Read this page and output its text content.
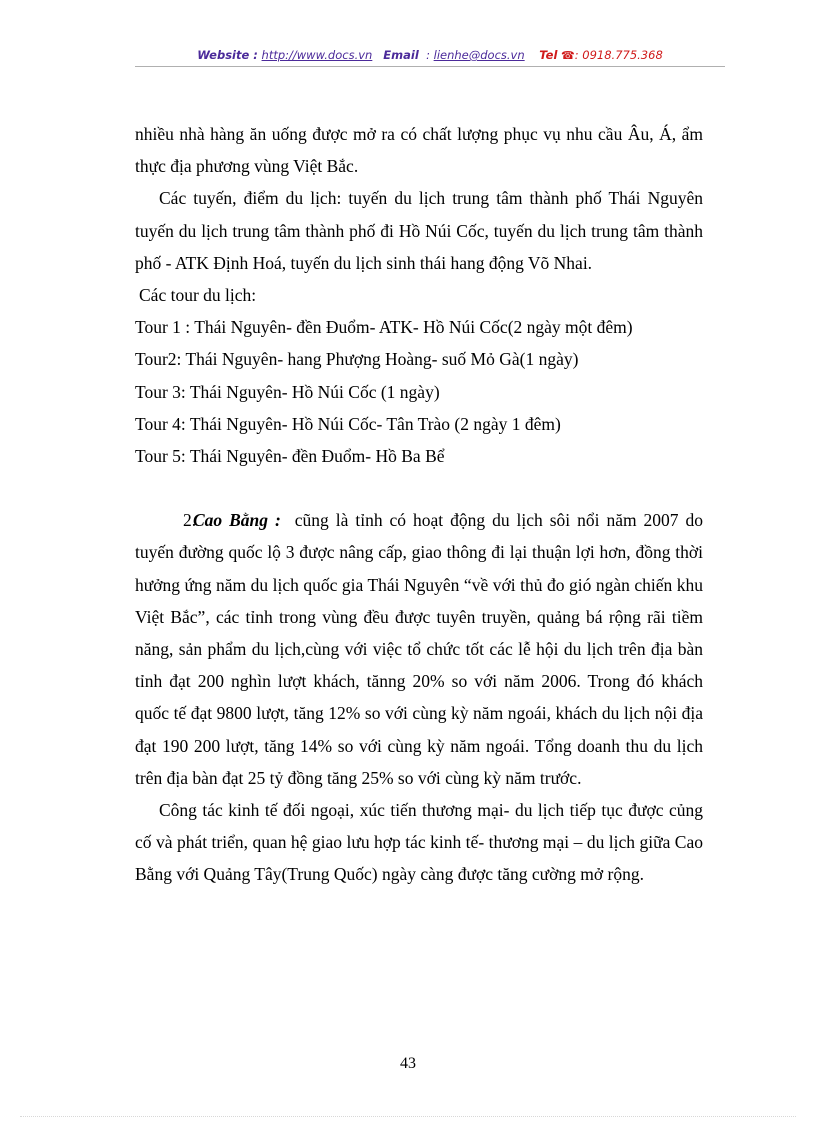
Website : http://www.docs.vn Email : lienhe@docs.vn Tel ☎: 0918.775.368

nhiều nhà hàng ăn uống được mở ra có chất lượng phục vụ nhu cầu Âu, Á, ẩm thực địa phương vùng Việt Bắc.

Các tuyến, điểm du lịch: tuyến du lịch trung tâm thành phố Thái Nguyên tuyến du lịch trung tâm thành phố đi Hồ Núi Cốc, tuyến du lịch trung tâm thành phố - ATK Định Hoá, tuyến du lịch sinh thái hang động Võ Nhai.

Các tour du lịch:

Tour 1 : Thái Nguyên- đền Đuổm- ATK- Hồ Núi Cốc(2 ngày một đêm)

Tour2: Thái Nguyên- hang Phượng Hoàng- suố Mỏ Gà(1 ngày)

Tour 3: Thái Nguyên- Hồ Núi Cốc (1 ngày)

Tour 4: Thái Nguyên- Hồ Núi Cốc- Tân Trào (2 ngày 1 đêm)

Tour 5: Thái Nguyên- đền Đuổm- Hồ Ba Bể

2.Cao Bằng : cũng là tỉnh có hoạt động du lịch sôi nổi năm 2007 do tuyến đường quốc lộ 3 được nâng cấp, giao thông đi lại thuận lợi hơn, đồng thời hưởng ứng năm du lịch quốc gia Thái Nguyên “về với thủ đo gió ngàn chiến khu Việt Bắc”, các tỉnh trong vùng đều được tuyên truyền, quảng bá rộng rãi tiềm năng, sản phẩm du lịch,cùng với việc tổ chức tốt các lễ hội du lịch trên địa bàn tỉnh đạt 200 nghìn lượt khách, tănng 20% so với năm 2006. Trong đó khách quốc tế đạt 9800 lượt, tăng 12% so với cùng kỳ năm ngoái, khách du lịch nội địa đạt 190 200 lượt, tăng 14% so với cùng kỳ năm ngoái. Tổng doanh thu du lịch trên địa bàn đạt 25 tỷ đồng tăng 25% so với cùng kỳ năm trước.

Công tác kinh tế đối ngoại, xúc tiến thương mại- du lịch tiếp tục được củng cố và phát triển, quan hệ giao lưu hợp tác kinh tế- thương mại – du lịch giữa Cao Bằng với Quảng Tây(Trung Quốc) ngày càng được tăng cường mở rộng.

43
